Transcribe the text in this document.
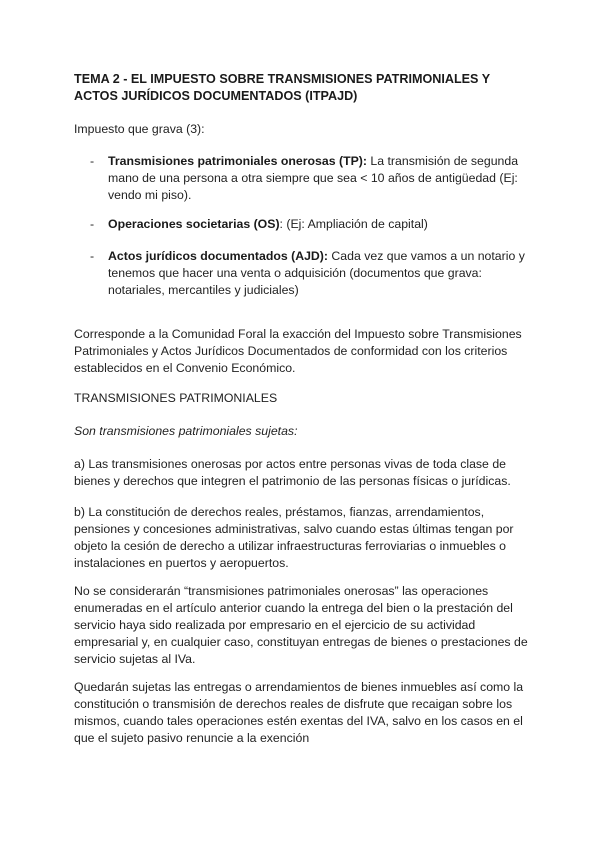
TEMA 2 - EL IMPUESTO SOBRE TRANSMISIONES PATRIMONIALES Y ACTOS JURÍDICOS DOCUMENTADOS (ITPAJD)

Impuesto que grava (3):

- Transmisiones patrimoniales onerosas (TP): La transmisión de segunda mano de una persona a otra siempre que sea < 10 años de antigüedad (Ej: vendo mi piso).

- Operaciones societarias (OS): (Ej: Ampliación de capital)

- Actos jurídicos documentados (AJD): Cada vez que vamos a un notario y tenemos que hacer una venta o adquisición (documentos que grava: notariales, mercantiles y judiciales)

Corresponde a la Comunidad Foral la exacción del Impuesto sobre Transmisiones Patrimoniales y Actos Jurídicos Documentados de conformidad con los criterios establecidos en el Convenio Económico.

TRANSMISIONES PATRIMONIALES

Son transmisiones patrimoniales sujetas:

a) Las transmisiones onerosas por actos entre personas vivas de toda clase de bienes y derechos que integren el patrimonio de las personas físicas o jurídicas.

b) La constitución de derechos reales, préstamos, fianzas, arrendamientos, pensiones y concesiones administrativas, salvo cuando estas últimas tengan por objeto la cesión de derecho a utilizar infraestructuras ferroviarias o inmuebles o instalaciones en puertos y aeropuertos.

No se considerarán “transmisiones patrimoniales onerosas” las operaciones enumeradas en el artículo anterior cuando la entrega del bien o la prestación del servicio haya sido realizada por empresario en el ejercicio de su actividad empresarial y, en cualquier caso, constituyan entregas de bienes o prestaciones de servicio sujetas al IVa.

Quedarán sujetas las entregas o arrendamientos de bienes inmuebles así como la constitución o transmisión de derechos reales de disfrute que recaigan sobre los mismos, cuando tales operaciones estén exentas del IVA, salvo en los casos en el que el sujeto pasivo renuncie a la exención
